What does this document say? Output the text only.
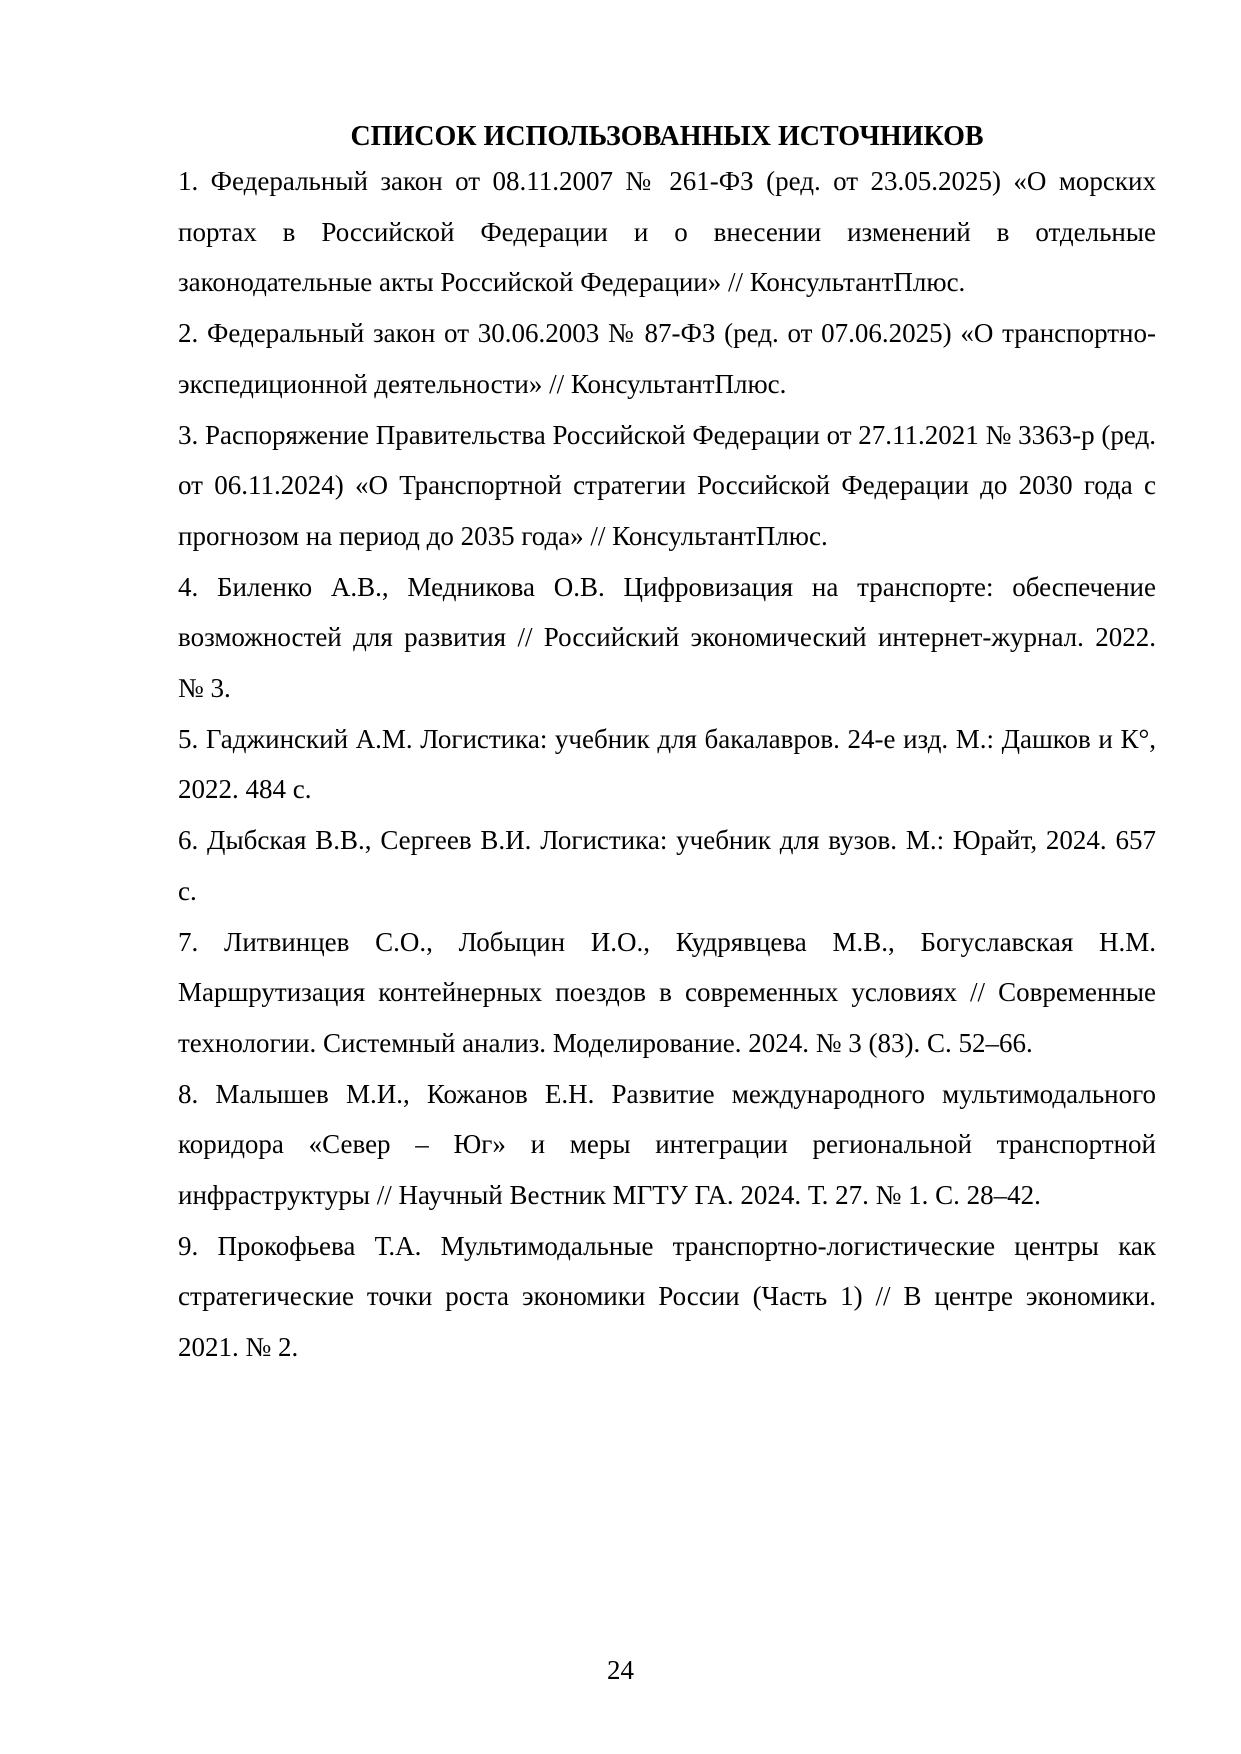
СПИСОК ИСПОЛЬЗОВАННЫХ ИСТОЧНИКОВ

1. Федеральный закон от 08.11.2007 № 261-ФЗ (ред. от 23.05.2025) «О морских портах в Российской Федерации и о внесении изменений в отдельные законодательные акты Российской Федерации» // КонсультантПлюс.

2. Федеральный закон от 30.06.2003 № 87-ФЗ (ред. от 07.06.2025) «О транспортно-экспедиционной деятельности» // КонсультантПлюс.

3. Распоряжение Правительства Российской Федерации от 27.11.2021 № 3363-р (ред. от 06.11.2024) «О Транспортной стратегии Российской Федерации до 2030 года с прогнозом на период до 2035 года» // КонсультантПлюс.

4. Биленко А.В., Медникова О.В. Цифровизация на транспорте: обеспечение возможностей для развития // Российский экономический интернет-журнал. 2022. № 3.

5. Гаджинский А.М. Логистика: учебник для бакалавров. 24-е изд. М.: Дашков и К°, 2022. 484 с.

6. Дыбская В.В., Сергеев В.И. Логистика: учебник для вузов. М.: Юрайт, 2024. 657 с.

7. Литвинцев С.О., Лобыцин И.О., Кудрявцева М.В., Богуславская Н.М. Маршрутизация контейнерных поездов в современных условиях // Современные технологии. Системный анализ. Моделирование. 2024. № 3 (83). С. 52–66.

8. Малышев М.И., Кожанов Е.Н. Развитие международного мультимодального коридора «Север – Юг» и меры интеграции региональной транспортной инфраструктуры // Научный Вестник МГТУ ГА. 2024. Т. 27. № 1. С. 28–42.

9. Прокофьева Т.А. Мультимодальные транспортно-логистические центры как стратегические точки роста экономики России (Часть 1) // В центре экономики. 2021. № 2.

24
